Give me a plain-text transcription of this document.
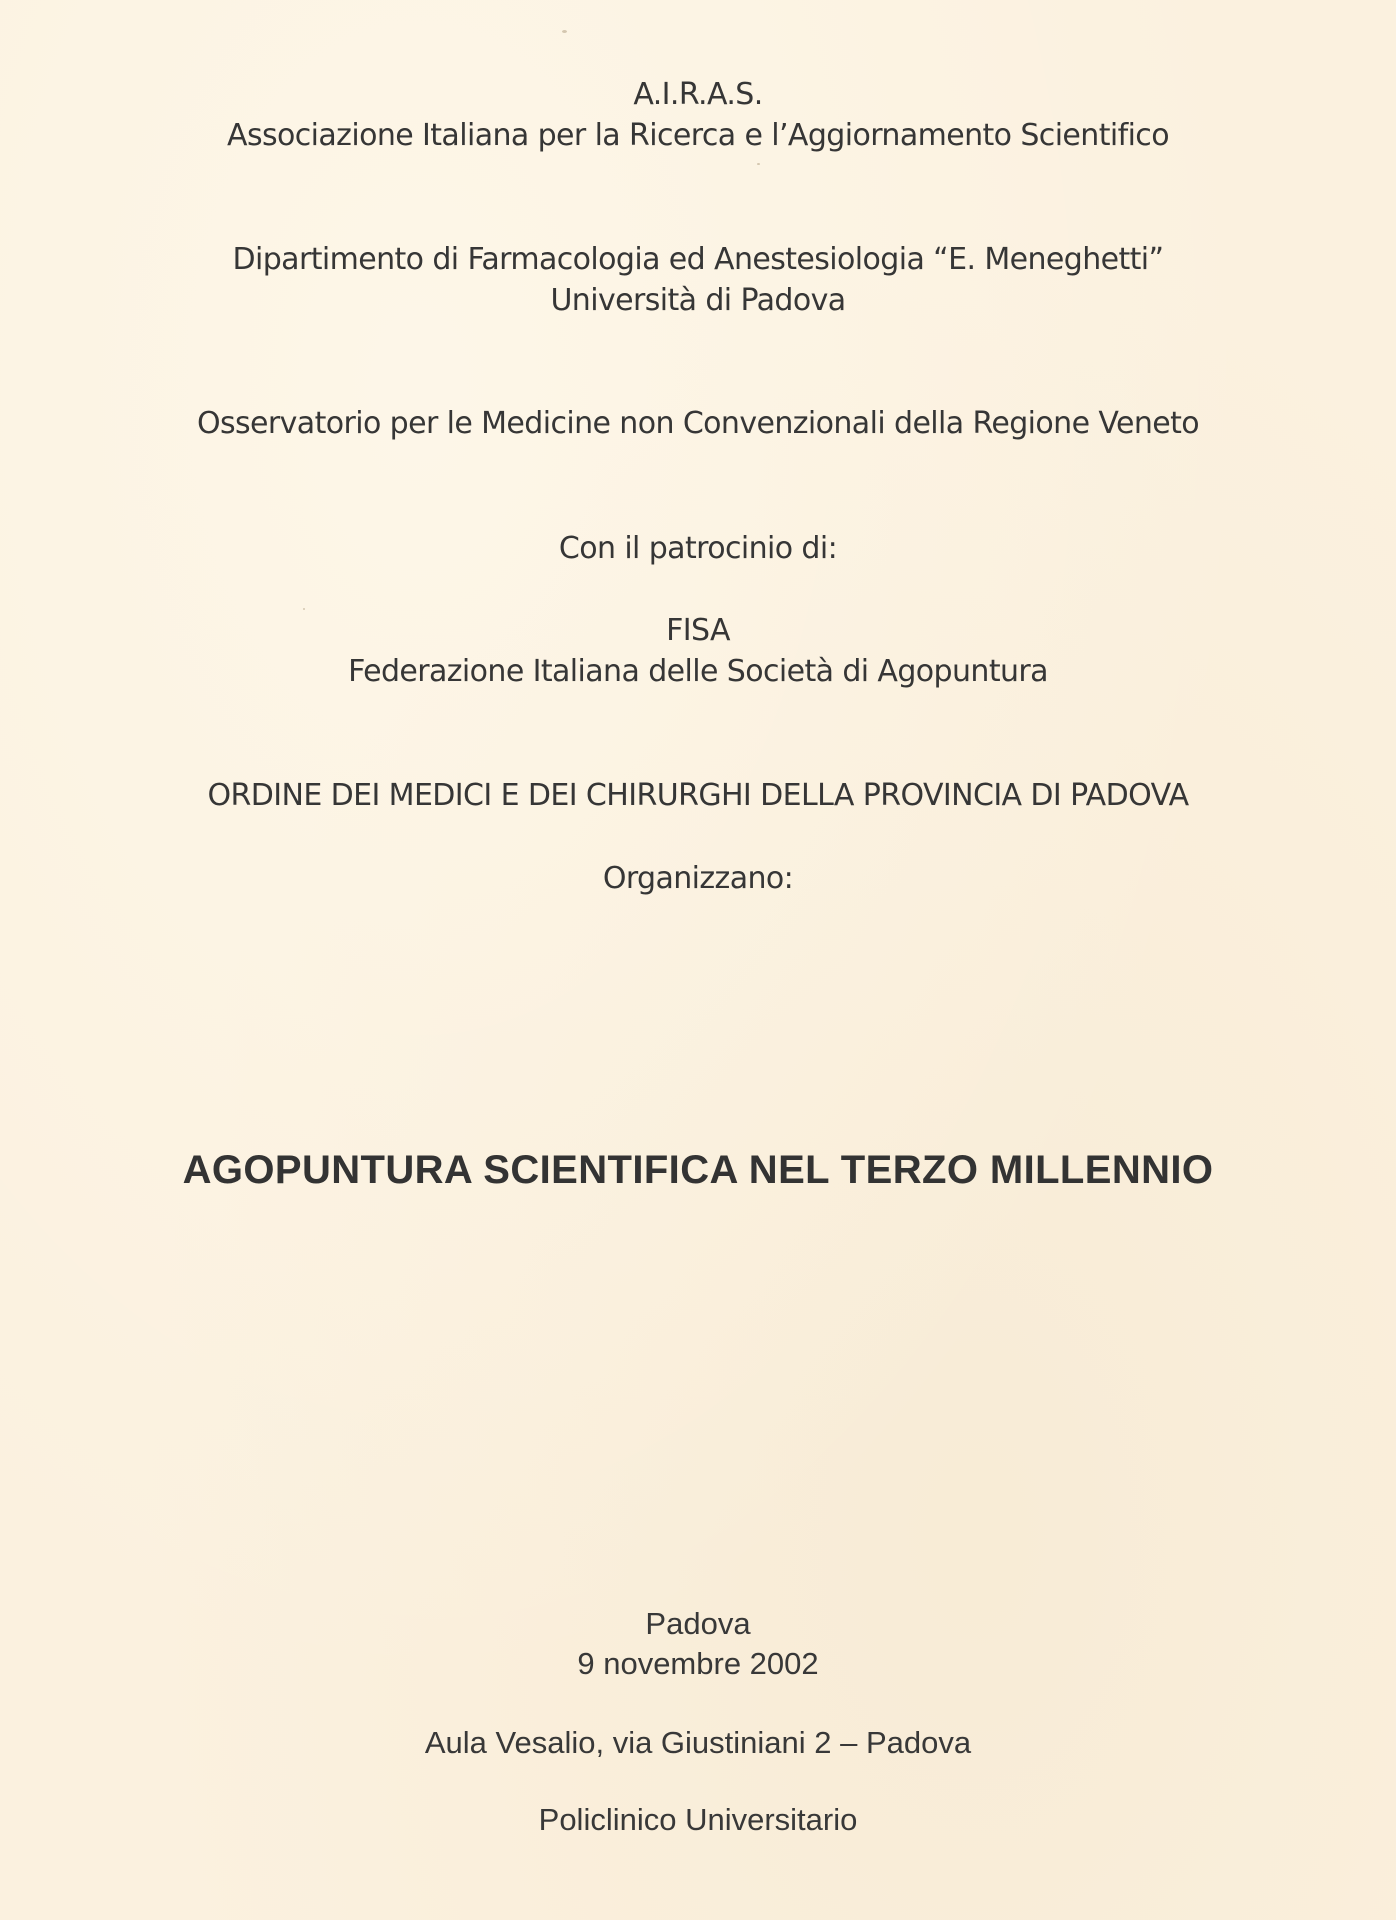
A.I.R.A.S.
Associazione Italiana per la Ricerca e l’Aggiornamento Scientifico
Dipartimento di Farmacologia ed Anestesiologia “E. Meneghetti”
Università di Padova
Osservatorio per le Medicine non Convenzionali della Regione Veneto
Con il patrocinio di:
FISA
Federazione Italiana delle Società di Agopuntura
ORDINE DEI MEDICI E DEI CHIRURGHI DELLA PROVINCIA DI PADOVA
Organizzano:
AGOPUNTURA SCIENTIFICA NEL TERZO MILLENNIO
Padova
9 novembre 2002
Aula Vesalio, via Giustiniani 2 – Padova
Policlinico Universitario
